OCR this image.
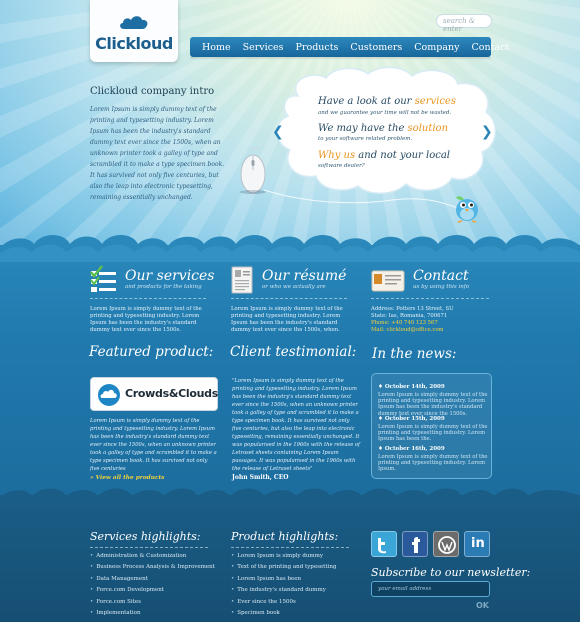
Clickloud
search & enter
Home	Services	Products	Customers	Company	Contact
Clickloud company intro
Lorem Ipsum is simply dummy text of the printing and typesetting industry. Lorem Ipsum has been the industry's standard dummy text ever since the 1500s, when an unknown printer took a galley of type and scrambled it to make a type specimen book. It has survived not only five centuries, but also the leap into electronic typesetting, remaining essentially unchanged.
Have a look at our services
and we guarantee your time will not be wasted.
We may have the solution
to your software related problem.
Why us and not your local
software dealer?
❮	❯
Our services
and products for the taking
Lorem Ipsum is simply dummy text of the printing and typesetting industry. Lorem Ipsum has been the industry's standard dummy text ever since the 1500s.
Our résumé
or who we actually are
Lorem Ipsum is simply dummy text of the printing and typesetting industry. Lorem Ipsum has been the industry's standard dummy text ever since the 1500s, when.
Contact
us by using this info
Address: Potters 13 Street, SU
State: Ias, Romania, 700671
Phone: +40 740 123 567
Mail: clickloud@office.com
Featured product:
Crowds&Clouds
Lorem Ipsum is simply dummy text of the printing and typesetting industry. Lorem Ipsum has been the industry's standard dummy text ever since the 1500s, when an unknown printer took a galley of type and scrambled it to make a type specimen book. It has survived not only five centuries
» View all the products
Client testimonial:
"Lorem Ipsum is simply dummy text of the printing and typesetting industry. Lorem Ipsum has been the industry's standard dummy text ever since the 1500s, when an unknown printer took a galley of type and scrambled it to make a type specimen book. It has survived not only five centuries, but also the leap into electronic typesetting, remaining essentially unchanged. It was popularised in the 1960s with the release of Letraset sheets containing Lorem Ipsum passages. It was popularised in the 1960s with the release of Letraset sheets"
John Smith, CEO
In the news:
♦ October 14th, 2009
Lorem Ipsum is simply dummy text of the printing and typesetting industry. Lorem Ipsum has been the industry's standard dummy text ever since the 1500s.
♦ October 15th, 2009
Lorem Ipsum is simply dummy text of the printing and typesetting industry. Lorem Ipsum has been the.
♦ October 16th, 2009
Lorem Ipsum is simply dummy text of the printing and typesetting industry. Lorem Ipsum.
Services highlights:
• Administration & Customization
• Business Process Analysis & Improvement
• Data Management
• Force.com Development
• Force.com Sites
• Implementation
Product highlights:
• Lorem Ipsum is simply dummy
• Text of the printing and typesetting
• Lorem Ipsum has been
• The industry's standard dummy
• Ever since the 1500s
• Specimen book
in
Subscribe to our newsletter:
your email address
OK
